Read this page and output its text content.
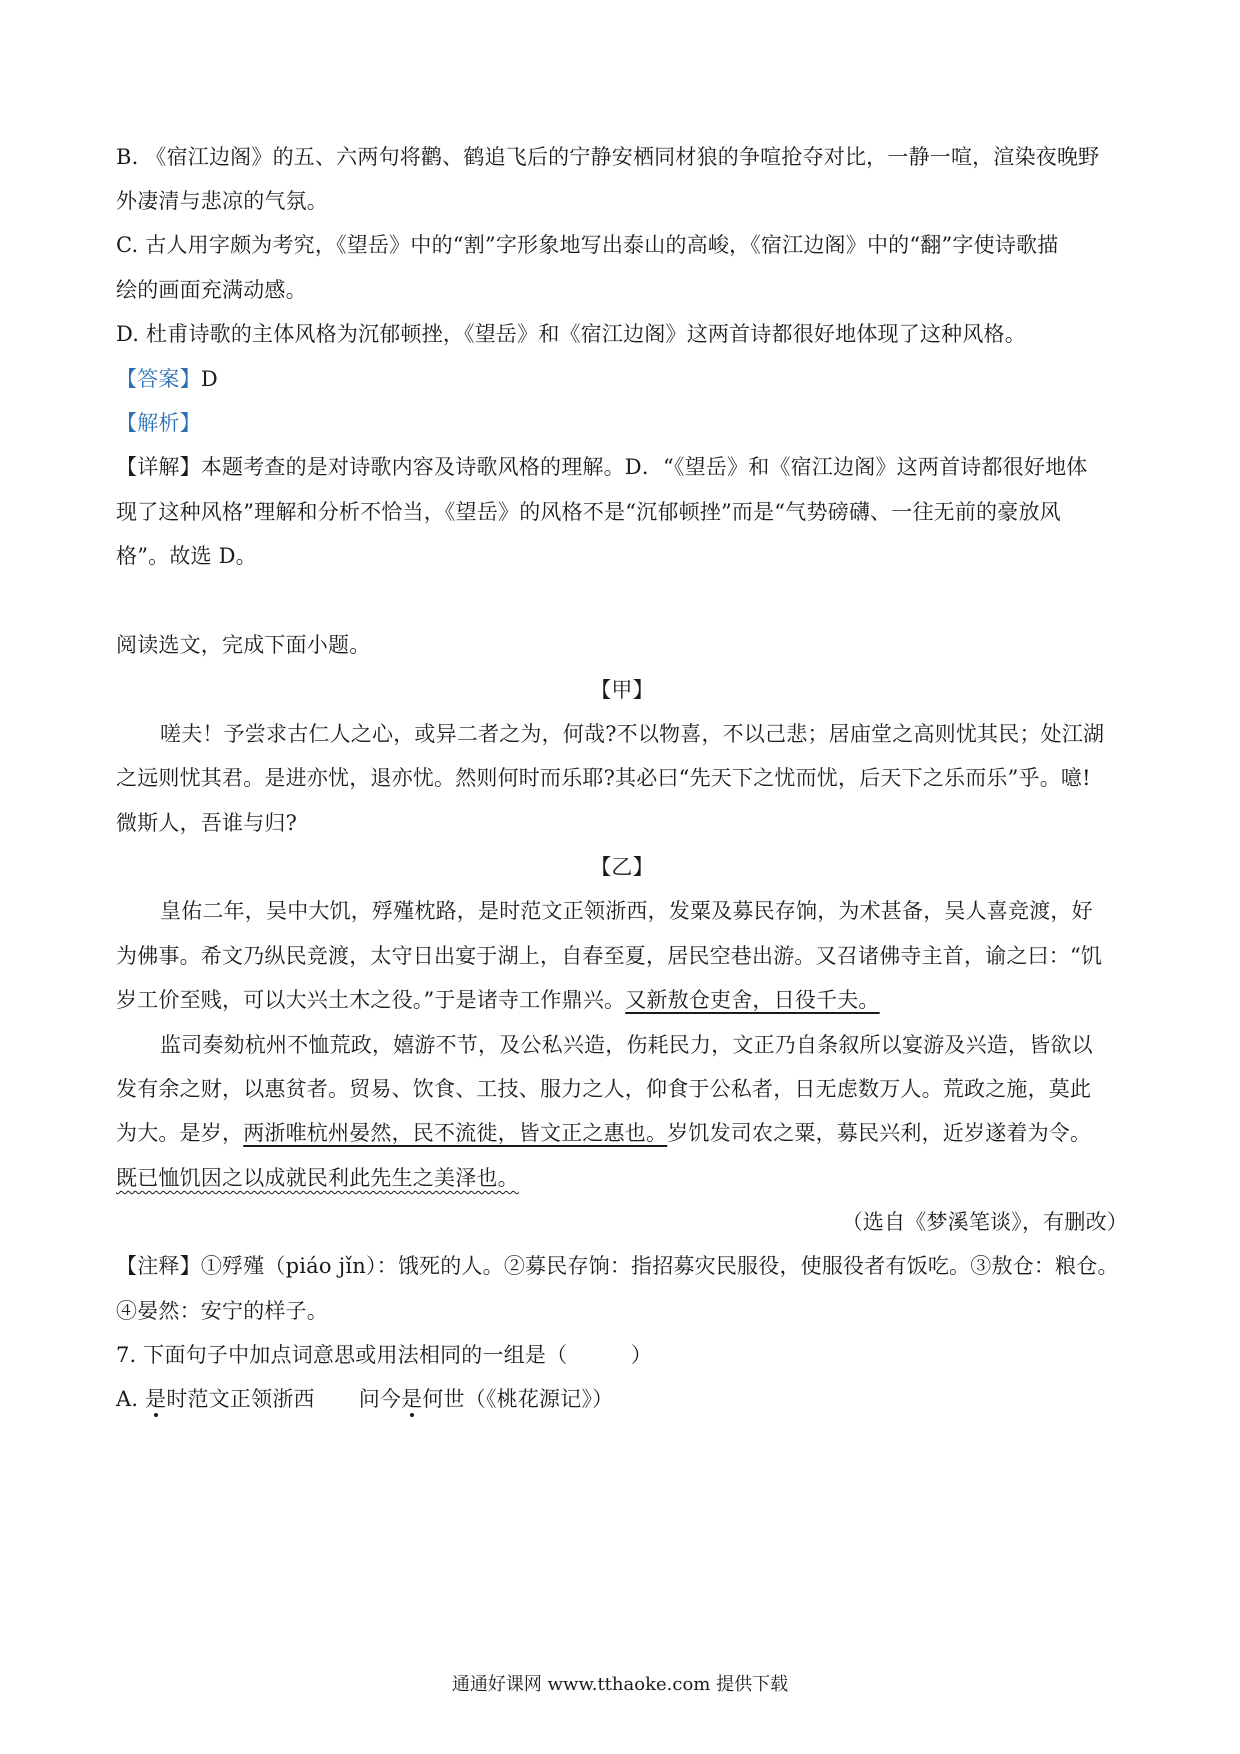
B. 《宿江边阁》的五、六两句将鹳、鹤追飞后的宁静安栖同材狼的争喧抢夺对比，一静一喧，渲染夜晚野
外凄清与悲凉的气氛。
C. 古人用字颇为考究，《望岳》中的“割”字形象地写出泰山的高峻，《宿江边阁》中的“翻”字使诗歌描
绘的画面充满动感。
D. 杜甫诗歌的主体风格为沉郁顿挫，《望岳》和《宿江边阁》这两首诗都很好地体现了这种风格。
【答案】D
【解析】
【详解】本题考查的是对诗歌内容及诗歌风格的理解。D．“《望岳》和《宿江边阁》这两首诗都很好地体
现了这种风格”理解和分析不恰当，《望岳》的风格不是“沉郁顿挫”而是“气势磅礴、一往无前的豪放风
格”。故选 D。
阅读选文，完成下面小题。
【甲】
嗟夫！予尝求古仁人之心，或异二者之为，何哉?不以物喜，不以己悲；居庙堂之高则忧其民；处江湖
之远则忧其君。是进亦忧，退亦忧。然则何时而乐耶?其必曰“先天下之忧而忧，后天下之乐而乐”乎。噫!
微斯人，吾谁与归?
【乙】
皇佑二年，吴中大饥，殍殣枕路，是时范文正领浙西，发粟及募民存饷，为术甚备，吴人喜竞渡，好
为佛事。希文乃纵民竞渡，太守日出宴于湖上，自春至夏，居民空巷出游。又召诸佛寺主首，谕之曰：“饥
岁工价至贱，可以大兴土木之役。”于是诸寺工作鼎兴。又新敖仓吏舍，日役千夫。
监司奏劾杭州不恤荒政，嬉游不节，及公私兴造，伤耗民力，文正乃自条叙所以宴游及兴造，皆欲以
发有余之财，以惠贫者。贸易、饮食、工技、服力之人，仰食于公私者，日无虑数万人。荒政之施，莫此
为大。是岁，两浙唯杭州晏然，民不流徙，皆文正之惠也。岁饥发司农之粟，募民兴利，近岁遂着为令。
既已恤饥因之以成就民利此先生之美泽也。
（选自《梦溪笔谈》，有删改）
【注释】①殍殣（piáo jǐn）：饿死的人。②募民存饷：指招募灾民服役，使服役者有饭吃。③敖仓：粮仓。
④晏然：安宁的样子。
7. 下面句子中加点词意思或用法相同的一组是（　　　）
A. 是时范文正领浙西 问今是何世（《桃花源记》）
通通好课网 www.tthaoke.com 提供下载
